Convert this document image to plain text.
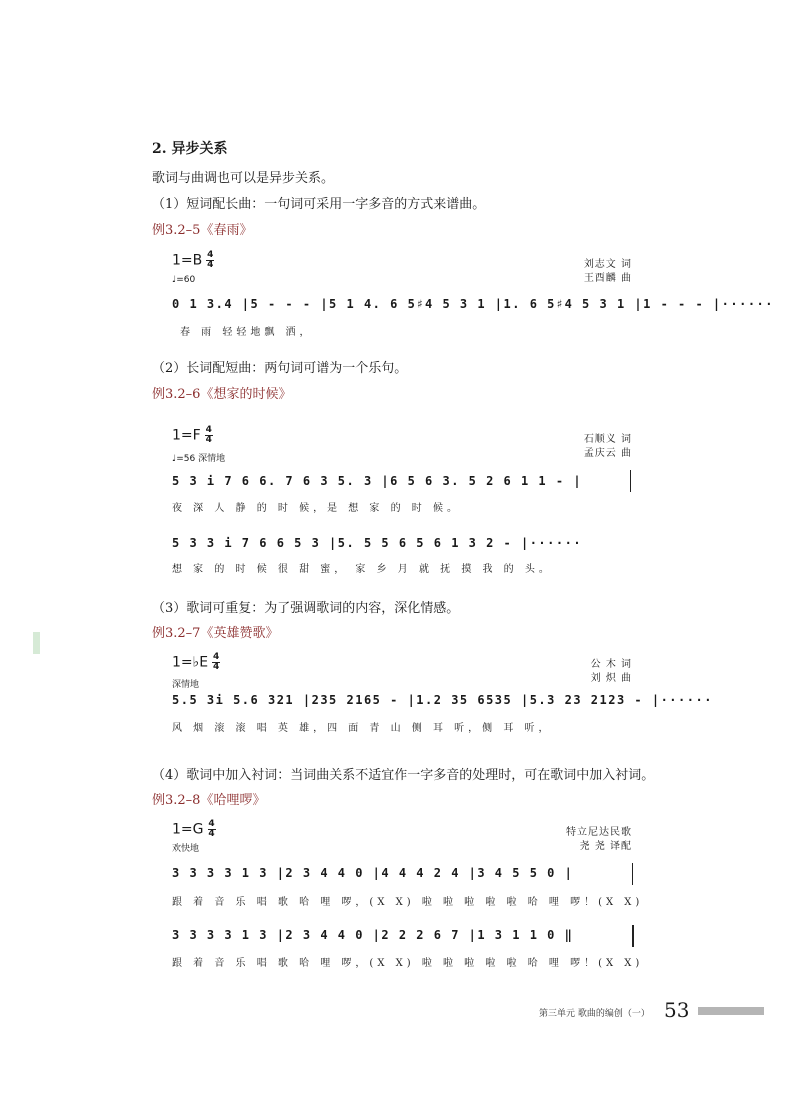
2. 异步关系
歌词与曲调也可以是异步关系。
（1）短词配长曲：一句词可采用一字多音的方式来谱曲。
例3.2–5《春雨》
$1=B \frac{4}{4}$
♩=60
刘志文 词
王酉麟 曲
0 1 3.4 |5 - - - |5 1 4. 6 5♯4 5 3 1 |1. 6 5♯4 5 3 1 |1 - - - |······
春 雨 轻轻地飘 洒，
（2）长词配短曲：两句词可谱为一个乐句。
例3.2–6《想家的时候》
$1=F \frac{4}{4}$
♩=56 深情地
石顺义 词
孟庆云 曲
5 3 i 7 6 6. 7 6 3 5. 3 |6 5 6 3. 5 2 6 1 1 - |
夜 深 人 静 的 时 候，是 想 家 的 时 候。
5 3 3 i 7 6 6 5 3 |5. 5 5 6 5 6 1 3 2 - |······
想 家 的 时 候 很 甜 蜜， 家 乡 月 就 抚 摸 我 的 头。
（3）歌词可重复：为了强调歌词的内容，深化情感。
例3.2–7《英雄赞歌》
1=♭E $\frac{4}{4}$
深情地
公 木 词
刘 炽 曲
5.5 3i 5.6 321 |235 2165 - |1.2 35 6535 |5.3 23 2123 - |······
风 烟 滚 滚 唱 英 雄，四 面 青 山 侧 耳 听，侧 耳 听，
（4）歌词中加入衬词：当词曲关系不适宜作一字多音的处理时，可在歌词中加入衬词。
例3.2–8《哈哩啰》
$1=G \frac{4}{4}$
欢快地
特立尼达民歌
尧 尧 译配
3 3 3 3 1 3 |2 3 4 4 0 |4 4 4 2 4 |3 4 5 5 0 |
跟 着 音 乐 唱 歌 哈 哩 啰，(X X) 啦 啦 啦 啦 啦 哈 哩 啰！(X X)
3 3 3 3 1 3 |2 3 4 4 0 |2 2 2 6 7 |1 3 1 1 0 ‖
跟 着 音 乐 唱 歌 哈 哩 啰，(X X) 啦 啦 啦 啦 啦 哈 哩 啰！(X X)
第三单元 歌曲的编创（一） 53
